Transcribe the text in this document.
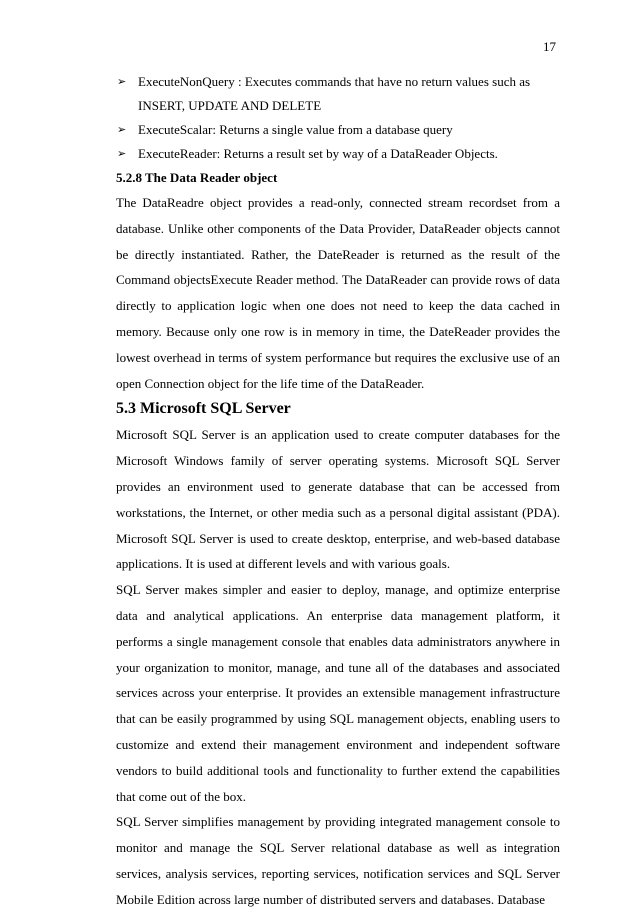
17
➢ ExecuteNonQuery : Executes commands that have no return values such as INSERT, UPDATE AND DELETE
➢ ExecuteScalar: Returns a single value from a database query
➢ ExecuteReader: Returns a result set by way of a DataReader Objects.
5.2.8 The Data Reader object

The DataReadre object provides a read-only, connected stream recordset from a database. Unlike other components of the Data Provider, DataReader objects cannot be directly instantiated. Rather, the DateReader is returned as the result of the Command objectsExecute Reader method. The DataReader can provide rows of data directly to application logic when one does not need to keep the data cached in memory. Because only one row is in memory in time, the DateReader provides the lowest overhead in terms of system performance but requires the exclusive use of an open Connection object for the life time of the DataReader.

5.3 Microsoft SQL Server

Microsoft SQL Server is an application used to create computer databases for the Microsoft Windows family of server operating systems. Microsoft SQL Server provides an environment used to generate database that can be accessed from workstations, the Internet, or other media such as a personal digital assistant (PDA). Microsoft SQL Server is used to create desktop, enterprise, and web-based database applications. It is used at different levels and with various goals.

SQL Server makes simpler and easier to deploy, manage, and optimize enterprise data and analytical applications. An enterprise data management platform, it performs a single management console that enables data administrators anywhere in your organization to monitor, manage, and tune all of the databases and associated services across your enterprise. It provides an extensible management infrastructure that can be easily programmed by using SQL management objects, enabling users to customize and extend their management environment and independent software vendors to build additional tools and functionality to further extend the capabilities that come out of the box.

SQL Server simplifies management by providing integrated management console to monitor and manage the SQL Server relational database as well as integration services, analysis services, reporting services, notification services and SQL Server Mobile Edition across large number of distributed servers and databases. Database
